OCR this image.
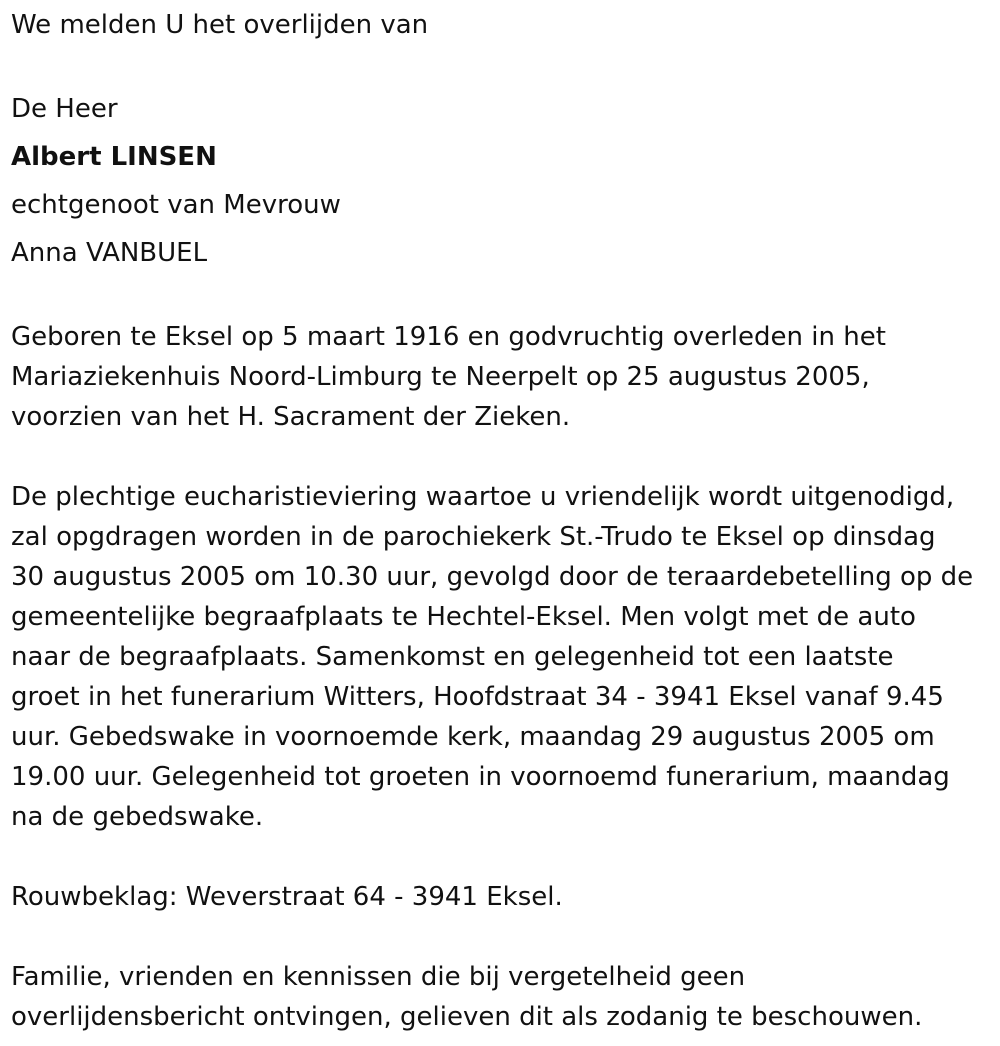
We melden U het overlijden van

De Heer

Albert LINSEN

echtgenoot van Mevrouw

Anna VANBUEL

Geboren te Eksel op 5 maart 1916 en godvruchtig overleden in het

Mariaziekenhuis Noord-Limburg te Neerpelt op 25 augustus 2005,

voorzien van het H. Sacrament der Zieken.

De plechtige eucharistieviering waartoe u vriendelijk wordt uitgenodigd,

zal opgdragen worden in de parochiekerk St.-Trudo te Eksel op dinsdag

30 augustus 2005 om 10.30 uur, gevolgd door de teraardebetelling op de

gemeentelijke begraafplaats te Hechtel-Eksel. Men volgt met de auto

naar de begraafplaats. Samenkomst en gelegenheid tot een laatste

groet in het funerarium Witters, Hoofdstraat 34 - 3941 Eksel vanaf 9.45

uur. Gebedswake in voornoemde kerk, maandag 29 augustus 2005 om

19.00 uur. Gelegenheid tot groeten in voornoemd funerarium, maandag

na de gebedswake.

Rouwbeklag: Weverstraat 64 - 3941 Eksel.

Familie, vrienden en kennissen die bij vergetelheid geen

overlijdensbericht ontvingen, gelieven dit als zodanig te beschouwen.
